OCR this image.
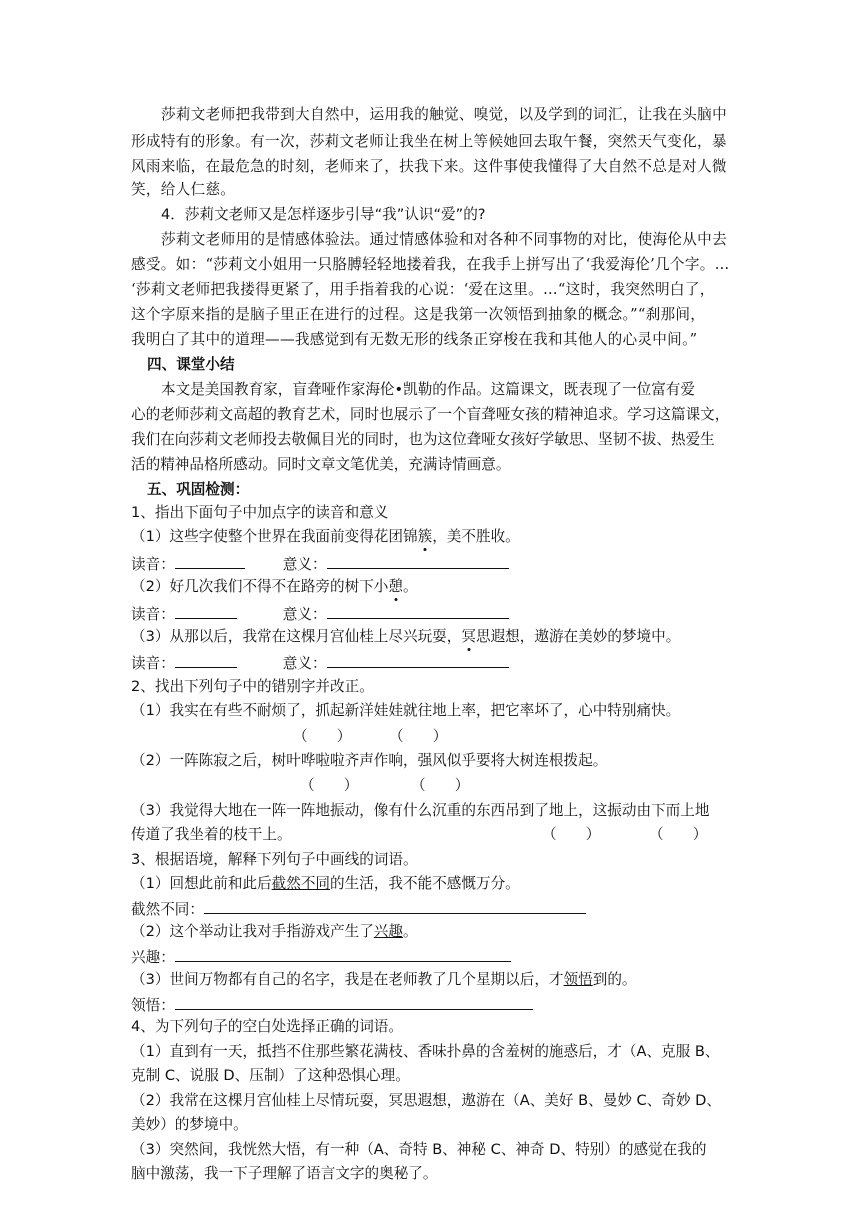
莎莉文老师把我带到大自然中，运用我的触觉、嗅觉，以及学到的词汇，让我在头脑中
形成特有的形象。有一次，莎莉文老师让我坐在树上等候她回去取午餐，突然天气变化，暴
风雨来临，在最危急的时刻，老师来了，扶我下来。这件事使我懂得了大自然不总是对人微
笑，给人仁慈。
4．莎莉文老师又是怎样逐步引导“我”认识“爱”的?
莎莉文老师用的是情感体验法。通过情感体验和对各种不同事物的对比，使海伦从中去
感受。如：“莎莉文小姐用一只胳膊轻轻地搂着我，在我手上拼写出了‘我爱海伦’几个字。…
‘莎莉文老师把我搂得更紧了，用手指着我的心说：‘爱在这里。…“这时，我突然明白了，
这个字原来指的是脑子里正在进行的过程。这是我第一次领悟到抽象的概念。”“刹那间，
我明白了其中的道理——我感觉到有无数无形的线条正穿梭在我和其他人的心灵中间。”
四、课堂小结
本文是美国教育家，盲聋哑作家海伦•凯勒的作品。这篇课文，既表现了一位富有爱
心的老师莎莉文高超的教育艺术，同时也展示了一个盲聋哑女孩的精神追求。学习这篇课文，
我们在向莎莉文老师投去敬佩目光的同时，也为这位聋哑女孩好学敏思、坚韧不拔、热爱生
活的精神品格所感动。同时文章文笔优美，充满诗情画意。
五、巩固检测：
1、指出下面句子中加点字的读音和意义
（1）这些字使整个世界在我面前变得花团锦簇，美不胜收。
读音：	意义：
（2）好几次我们不得不在路旁的树下小憩。
读音：	意义：
（3）从那以后，我常在这棵月宫仙桂上尽兴玩耍，冥思遐想，遨游在美妙的梦境中。
读音：	意义：
2、找出下列句子中的错别字并改正。
（1）我实在有些不耐烦了，抓起新洋娃娃就往地上率，把它率坏了，心中特别痛快。
（　　）	（　　）
（2）一阵陈寂之后，树叶哗啦啦齐声作响，强风似乎要将大树连根拨起。
（　　）	（　　）
（3）我觉得大地在一阵一阵地振动，像有什么沉重的东西吊到了地上，这振动由下而上地
传道了我坐着的枝干上。	（　　）	（　　）
3、根据语境，解释下列句子中画线的词语。
（1）回想此前和此后截然不同的生活，我不能不感慨万分。
截然不同：
（2）这个举动让我对手指游戏产生了兴趣。
兴趣：
（3）世间万物都有自己的名字，我是在老师教了几个星期以后，才领悟到的。
领悟：
4、为下列句子的空白处选择正确的词语。
（1）直到有一天，抵挡不住那些繁花满枝、香味扑鼻的含羞树的施惑后，才（A、克服 B、
克制 C、说服 D、压制）了这种恐惧心理。
（2）我常在这棵月宫仙桂上尽情玩耍，冥思遐想，遨游在（A、美好 B、曼妙 C、奇妙 D、
美妙）的梦境中。
（3）突然间，我恍然大悟，有一种（A、奇特 B、神秘 C、神奇 D、特别）的感觉在我的
脑中激荡，我一下子理解了语言文字的奥秘了。
